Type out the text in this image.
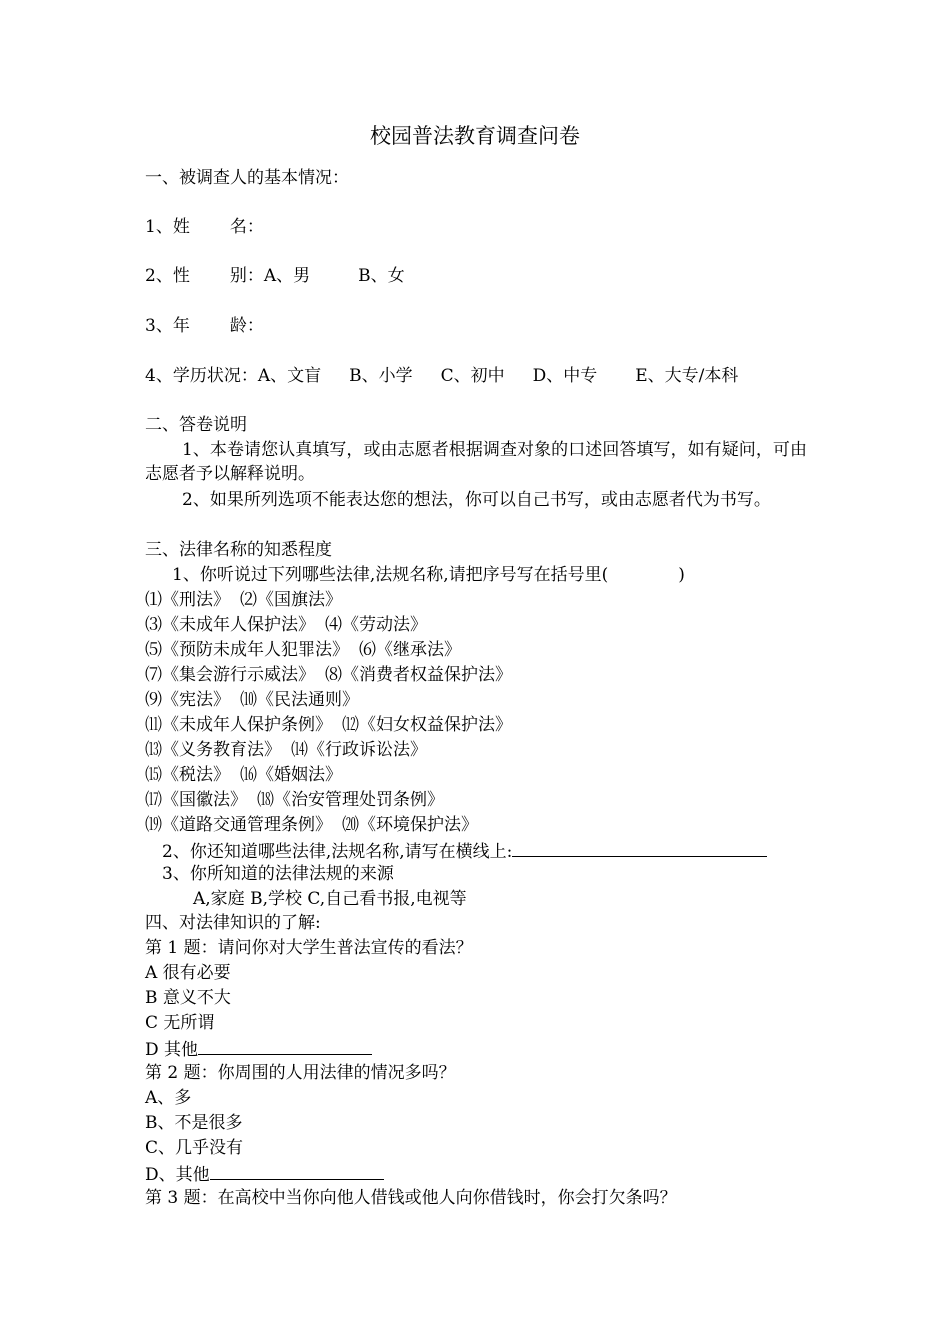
校园普法教育调查问卷
一、被调查人的基本情况：
1、姓 名：
2、性 别：A、男	B、女
3、年 龄：
4、学历状况：A、文盲 B、小学 C、初中 D、中专 E、大专/本科
二、答卷说明
1、本卷请您认真填写，或由志愿者根据调查对象的口述回答填写，如有疑问，可由志愿者予以解释说明。
2、如果所列选项不能表达您的想法，你可以自己书写，或由志愿者代为书写。
三、法律名称的知悉程度
1、你听说过下列哪些法律,法规名称,请把序号写在括号里(	)
⑴《刑法》 ⑵《国旗法》
⑶《未成年人保护法》 ⑷《劳动法》
⑸《预防未成年人犯罪法》 ⑹《继承法》
⑺《集会游行示威法》 ⑻《消费者权益保护法》
⑼《宪法》 ⑽《民法通则》
⑾《未成年人保护条例》 ⑿《妇女权益保护法》
⒀《义务教育法》 ⒁《行政诉讼法》
⒂《税法》 ⒃《婚姻法》
⒄《国徽法》 ⒅《治安管理处罚条例》
⒆《道路交通管理条例》 ⒇《环境保护法》
2、你还知道哪些法律,法规名称,请写在横线上:
3、你所知道的法律法规的来源
A,家庭 B,学校 C,自己看书报,电视等
四、对法律知识的了解:
第 1 题：请问你对大学生普法宣传的看法？
A 很有必要
B 意义不大
C 无所谓
D 其他
第 2 题：你周围的人用法律的情况多吗？
A、多
B、不是很多
C、几乎没有
D、其他
第 3 题：在高校中当你向他人借钱或他人向你借钱时，你会打欠条吗？
